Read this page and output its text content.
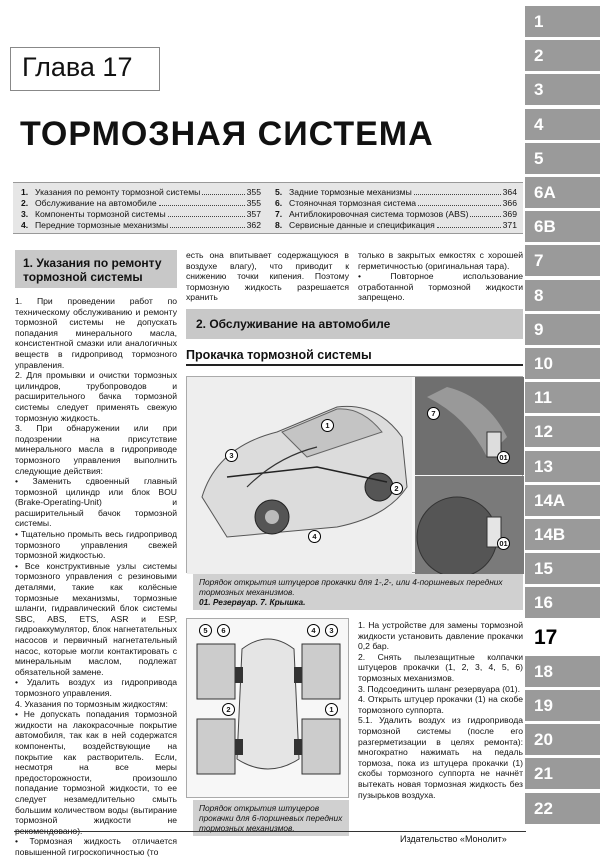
Глава 17
ТОРМОЗНАЯ СИСТЕМА
1. Указания по ремонту тормозной системы	355
2. Обслуживание на автомобиле	355
3. Компоненты тормозной системы	357
4. Передние тормозные механизмы	362
5. Задние тормозные механизмы	364
6. Стояночная тормозная система	366
7. Антиблокировочная система тормозов (ABS)	369
8. Сервисные данные и спецификация	371
1. Указания по ремонту тормозной системы

1. При проведении работ по техническому обслуживанию и ремонту тормозной системы не допускать попадания минерального масла, консистентной смазки или аналогичных веществ в гидропривод тормозного управления.

2. Для промывки и очистки тормозных цилиндров, трубопроводов и расширительного бачка тормозной системы следует применять свежую тормозную жидкость.

3. При обнаружении или при подозрении на присутствие минерального масла в гидроприводе тормозного управления выполнить следующие действия:

• Заменить сдвоенный главный тормозной цилиндр или блок BOU (Brake-Operating-Unit) и расширительный бачок тормозной системы.

• Тщательно промыть весь гидропривод тормозного управления свежей тормозной жидкостью.

• Все конструктивные узлы системы тормозного управления с резиновыми деталями, такие как колёсные тормозные механизмы, тормозные шланги, гидравлический блок системы SBC, ABS, ETS, ASR и ESP, гидроаккумулятор, блок нагнетательных насосов и первичный нагнетательный насос, которые могли контактировать с минеральным маслом, подлежат обязательной замене.

• Удалить воздух из гидропривода тормозного управления.

4. Указания по тормозным жидкостям:

• Не допускать попадания тормозной жидкости на лакокрасочные покрытие автомобиля, так как в ней содержатся компоненты, воздействующие на покрытие как растворитель. Если, несмотря на все меры предосторожности, произошло попадание тормозной жидкости, то ее следует незамедлительно смыть большим количеством воды (вытирание тормозной жидкости не рекомендовано).

• Тормозная жидкость отличается повышенной гигроскопичностью (то

есть она впитывает содержащуюся в воздухе влагу), что приводит к снижению точки кипения. Поэтому тормозную жидкость разрешается хранить

только в закрытых емкостях с хорошей герметичностью (оригинальная тара).

• Повторное использование отработанной тормозной жидкости запрещено.

2. Обслуживание на автомобиле
Прокачка тормозной системы
1
2
3
4
7
01
01
Порядок открытия штуцеров прокачки для 1-,2-, или 4-поршневых передних тормозных механизмов.
01. Резервуар. 7. Крышка.
5	6	4	3
2	1
Порядок открытия штуцеров прокачки для 6-поршневых передних тормозных механизмов.

1. На устройстве для замены тормозной жидкости установить давление прокачки 0,2 бар.

2. Снять пылезащитные колпачки штуцеров прокачки (1, 2, 3, 4, 5, 6) тормозных механизмов.

3. Подсоединить шланг резервуара (01).

4. Открыть штуцер прокачки (1) на скобе тормозного суппорта.

5.1. Удалить воздух из гидропривода тормозной системы (после его разгерметизации в целях ремонта): многократно нажимать на педаль тормоза, пока из штуцера прокачки (1) скобы тормозного суппорта не начнёт вытекать новая тормозная жидкость без пузырьков воздуха.

1
2
3
4
5
6А
6В
7
8
9
10
11
12
13
14А
14В
15
16
17
18
19
20
21
22
Издательство «Монолит»
